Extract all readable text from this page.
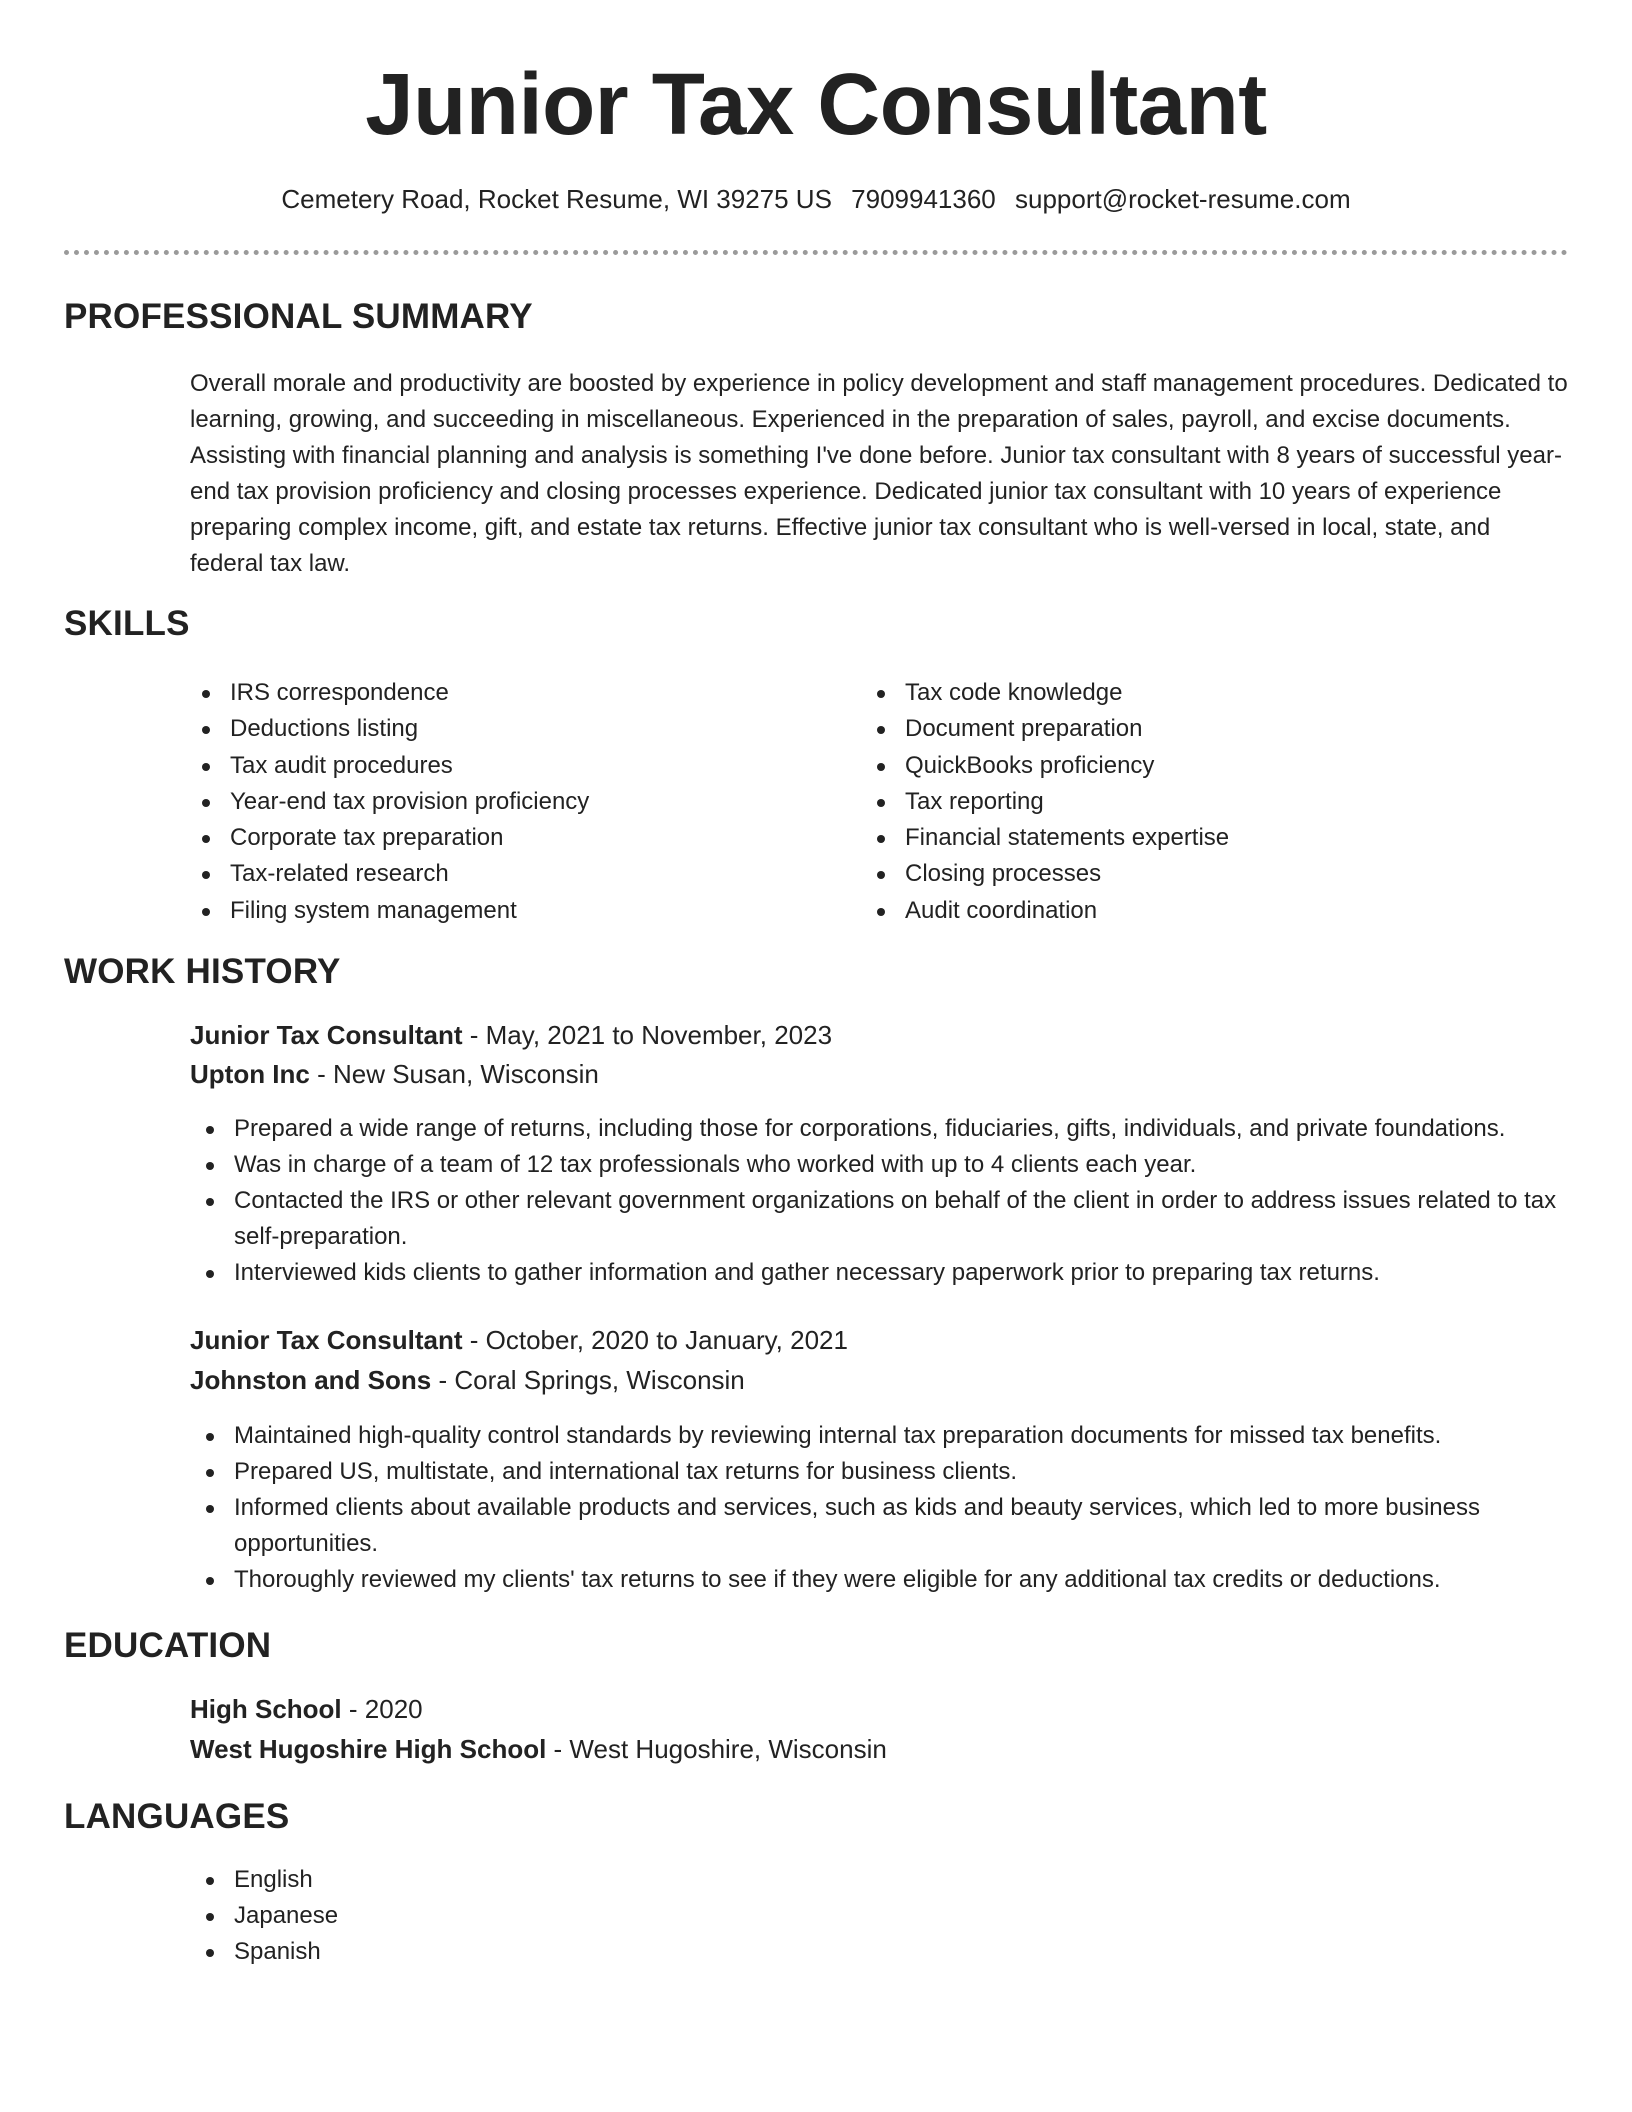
Junior Tax Consultant
Cemetery Road, Rocket Resume, WI 39275 US 7909941360 support@rocket-resume.com
PROFESSIONAL SUMMARY

Overall morale and productivity are boosted by experience in policy development and staff management procedures. Dedicated to learning, growing, and succeeding in miscellaneous. Experienced in the preparation of sales, payroll, and excise documents. Assisting with financial planning and analysis is something I've done before. Junior tax consultant with 8 years of successful year-end tax provision proficiency and closing processes experience. Dedicated junior tax consultant with 10 years of experience preparing complex income, gift, and estate tax returns. Effective junior tax consultant who is well-versed in local, state, and federal tax law.

SKILLS
IRS correspondence
Deductions listing
Tax audit procedures
Year-end tax provision proficiency
Corporate tax preparation
Tax-related research
Filing system management
Tax code knowledge
Document preparation
QuickBooks proficiency
Tax reporting
Financial statements expertise
Closing processes
Audit coordination
WORK HISTORY
Junior Tax Consultant - May, 2021 to November, 2023
Upton Inc - New Susan, Wisconsin
Prepared a wide range of returns, including those for corporations, fiduciaries, gifts, individuals, and private foundations.
Was in charge of a team of 12 tax professionals who worked with up to 4 clients each year.
Contacted the IRS or other relevant government organizations on behalf of the client in order to address issues related to tax self-preparation.
Interviewed kids clients to gather information and gather necessary paperwork prior to preparing tax returns.
Junior Tax Consultant - October, 2020 to January, 2021
Johnston and Sons - Coral Springs, Wisconsin
Maintained high-quality control standards by reviewing internal tax preparation documents for missed tax benefits.
Prepared US, multistate, and international tax returns for business clients.
Informed clients about available products and services, such as kids and beauty services, which led to more business opportunities.
Thoroughly reviewed my clients' tax returns to see if they were eligible for any additional tax credits or deductions.
EDUCATION
High School - 2020
West Hugoshire High School - West Hugoshire, Wisconsin
LANGUAGES
English
Japanese
Spanish
